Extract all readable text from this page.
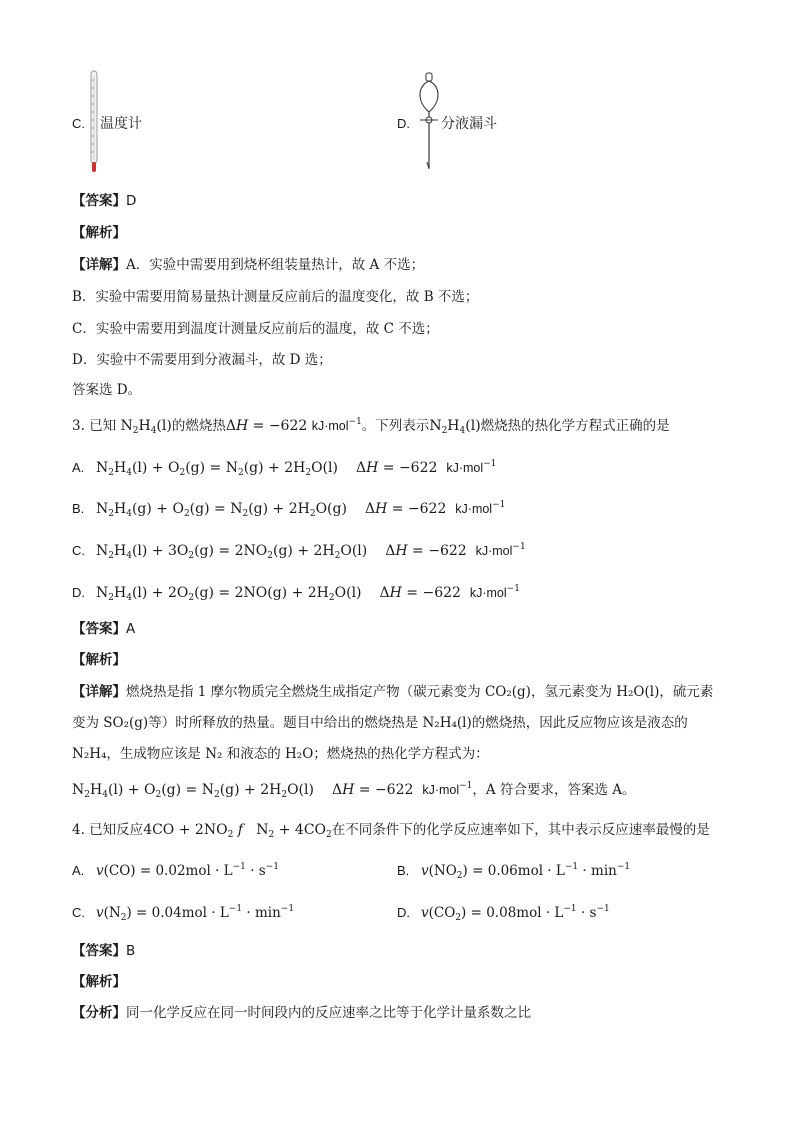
C.	温度计	D.	分液漏斗
【答案】D
【解析】
【详解】A．实验中需要用到烧杯组装量热计，故 A 不选；
B．实验中需要用简易量热计测量反应前后的温度变化，故 B 不选；
C．实验中需要用到温度计测量反应前后的温度，故 C 不选；
D．实验中不需要用到分液漏斗，故 D 选；
答案选 D。
3. 已知 $N_2H_4(l)$的燃烧热ΔH = −622 kJ·mol$^{-1}$。下列表示$N_2H_4(l)$燃烧热的热化学方程式正确的是
A. $N_2H_4(l) + O_2(g) = N_2(g) + 2H_2O(l) \Delta H = -622$ kJ·mol$^{-1}$
B. $N_2H_4(g) + O_2(g) = N_2(g) + 2H_2O(g) \Delta H = -622$ kJ·mol$^{-1}$
C. $N_2H_4(l) + 3O_2(g) = 2NO_2(g) + 2H_2O(l) \Delta H = -622$ kJ·mol$^{-1}$
D. $N_2H_4(l) + 2O_2(g) = 2NO(g) + 2H_2O(l) \Delta H = -622$ kJ·mol$^{-1}$
【答案】A
【解析】
【详解】燃烧热是指 1 摩尔物质完全燃烧生成指定产物（碳元素变为 CO₂(g)，氢元素变为 H₂O(l)，硫元素
变为 SO₂(g)等）时所释放的热量。题目中给出的燃烧热是 N₂H₄(l)的燃烧热，因此反应物应该是液态的
N₂H₄，生成物应该是 N₂ 和液态的 H₂O；燃烧热的热化学方程式为：
$N_2H_4(l) + O_2(g) = N_2(g) + 2H_2O(l) \Delta H = -622$ kJ·mol$^{-1}$，A 符合要求，答案选 A。
4. 已知反应$4CO + 2NO_2$ f   $N_2 + 4CO_2$在不同条件下的化学反应速率如下，其中表示反应速率最慢的是
A. $v(CO) = 0.02mol \cdot L^{-1} \cdot s^{-1}$	B. $v(NO_2) = 0.06mol \cdot L^{-1} \cdot \min^{-1}$
C. $v(N_2) = 0.04mol \cdot L^{-1} \cdot \min^{-1}$	D. $v(CO_2) = 0.08mol \cdot L^{-1} \cdot s^{-1}$
【答案】B
【解析】
【分析】同一化学反应在同一时间段内的反应速率之比等于化学计量系数之比
